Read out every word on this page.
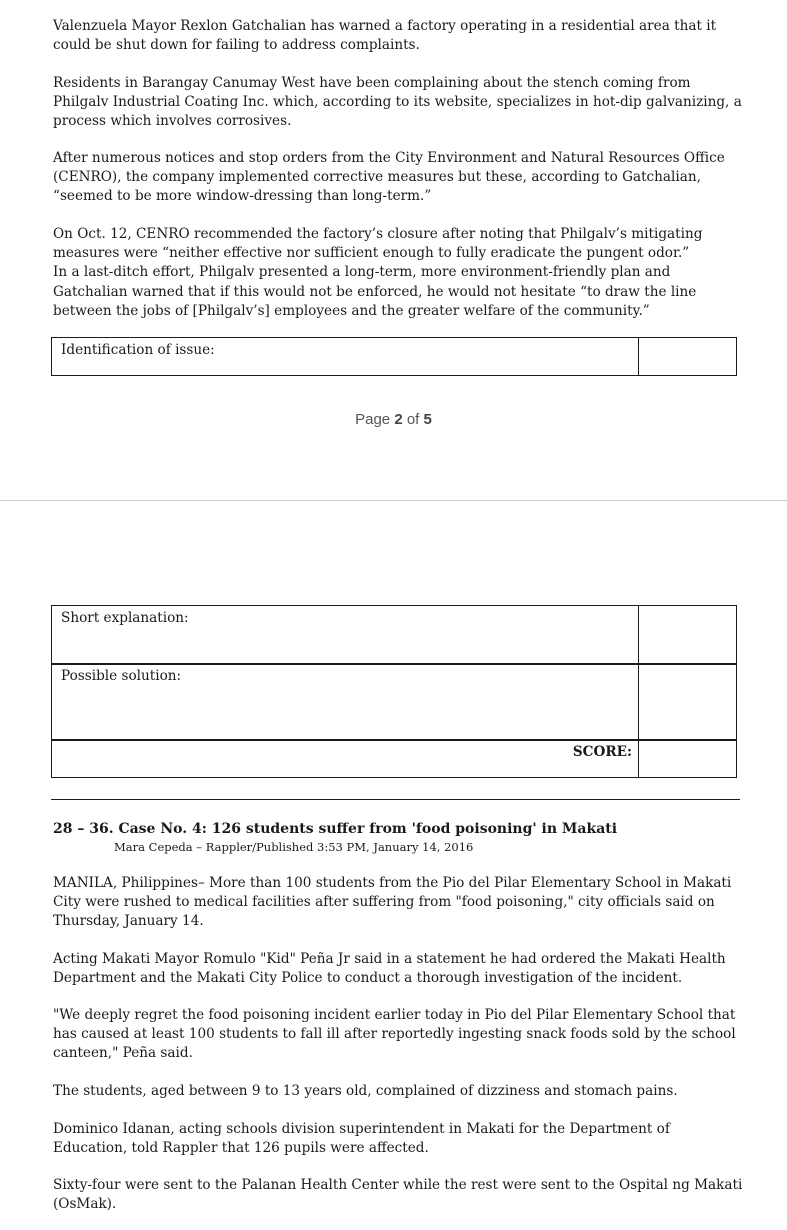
Valenzuela Mayor Rexlon Gatchalian has warned a factory operating in a residential area that it
could be shut down for failing to address complaints.

Residents in Barangay Canumay West have been complaining about the stench coming from
Philgalv Industrial Coating Inc. which, according to its website, specializes in hot-dip galvanizing, a
process which involves corrosives.

After numerous notices and stop orders from the City Environment and Natural Resources Office
(CENRO), the company implemented corrective measures but these, according to Gatchalian,
“seemed to be more window-dressing than long-term.”

On Oct. 12, CENRO recommended the factory’s closure after noting that Philgalv’s mitigating
measures were “neither effective nor sufficient enough to fully eradicate the pungent odor.”
In a last-ditch effort, Philgalv presented a long-term, more environment-friendly plan and
Gatchalian warned that if this would not be enforced, he would not hesitate “to draw the line
between the jobs of [Philgalv’s] employees and the greater welfare of the community.”

Identification of issue:
Page 2 of 5
Short explanation:
Possible solution:
SCORE:

28 – 36. Case No. 4: 126 students suffer from 'food poisoning' in Makati

Mara Cepeda – Rappler/Published 3:53 PM, January 14, 2016

MANILA, Philippines– More than 100 students from the Pio del Pilar Elementary School in Makati
City were rushed to medical facilities after suffering from "food poisoning," city officials said on
Thursday, January 14.

Acting Makati Mayor Romulo "Kid" Peña Jr said in a statement he had ordered the Makati Health
Department and the Makati City Police to conduct a thorough investigation of the incident.

"We deeply regret the food poisoning incident earlier today in Pio del Pilar Elementary School that
has caused at least 100 students to fall ill after reportedly ingesting snack foods sold by the school
canteen," Peña said.

The students, aged between 9 to 13 years old, complained of dizziness and stomach pains.

Dominico Idanan, acting schools division superintendent in Makati for the Department of
Education, told Rappler that 126 pupils were affected.

Sixty-four were sent to the Palanan Health Center while the rest were sent to the Ospital ng Makati
(OsMak).
